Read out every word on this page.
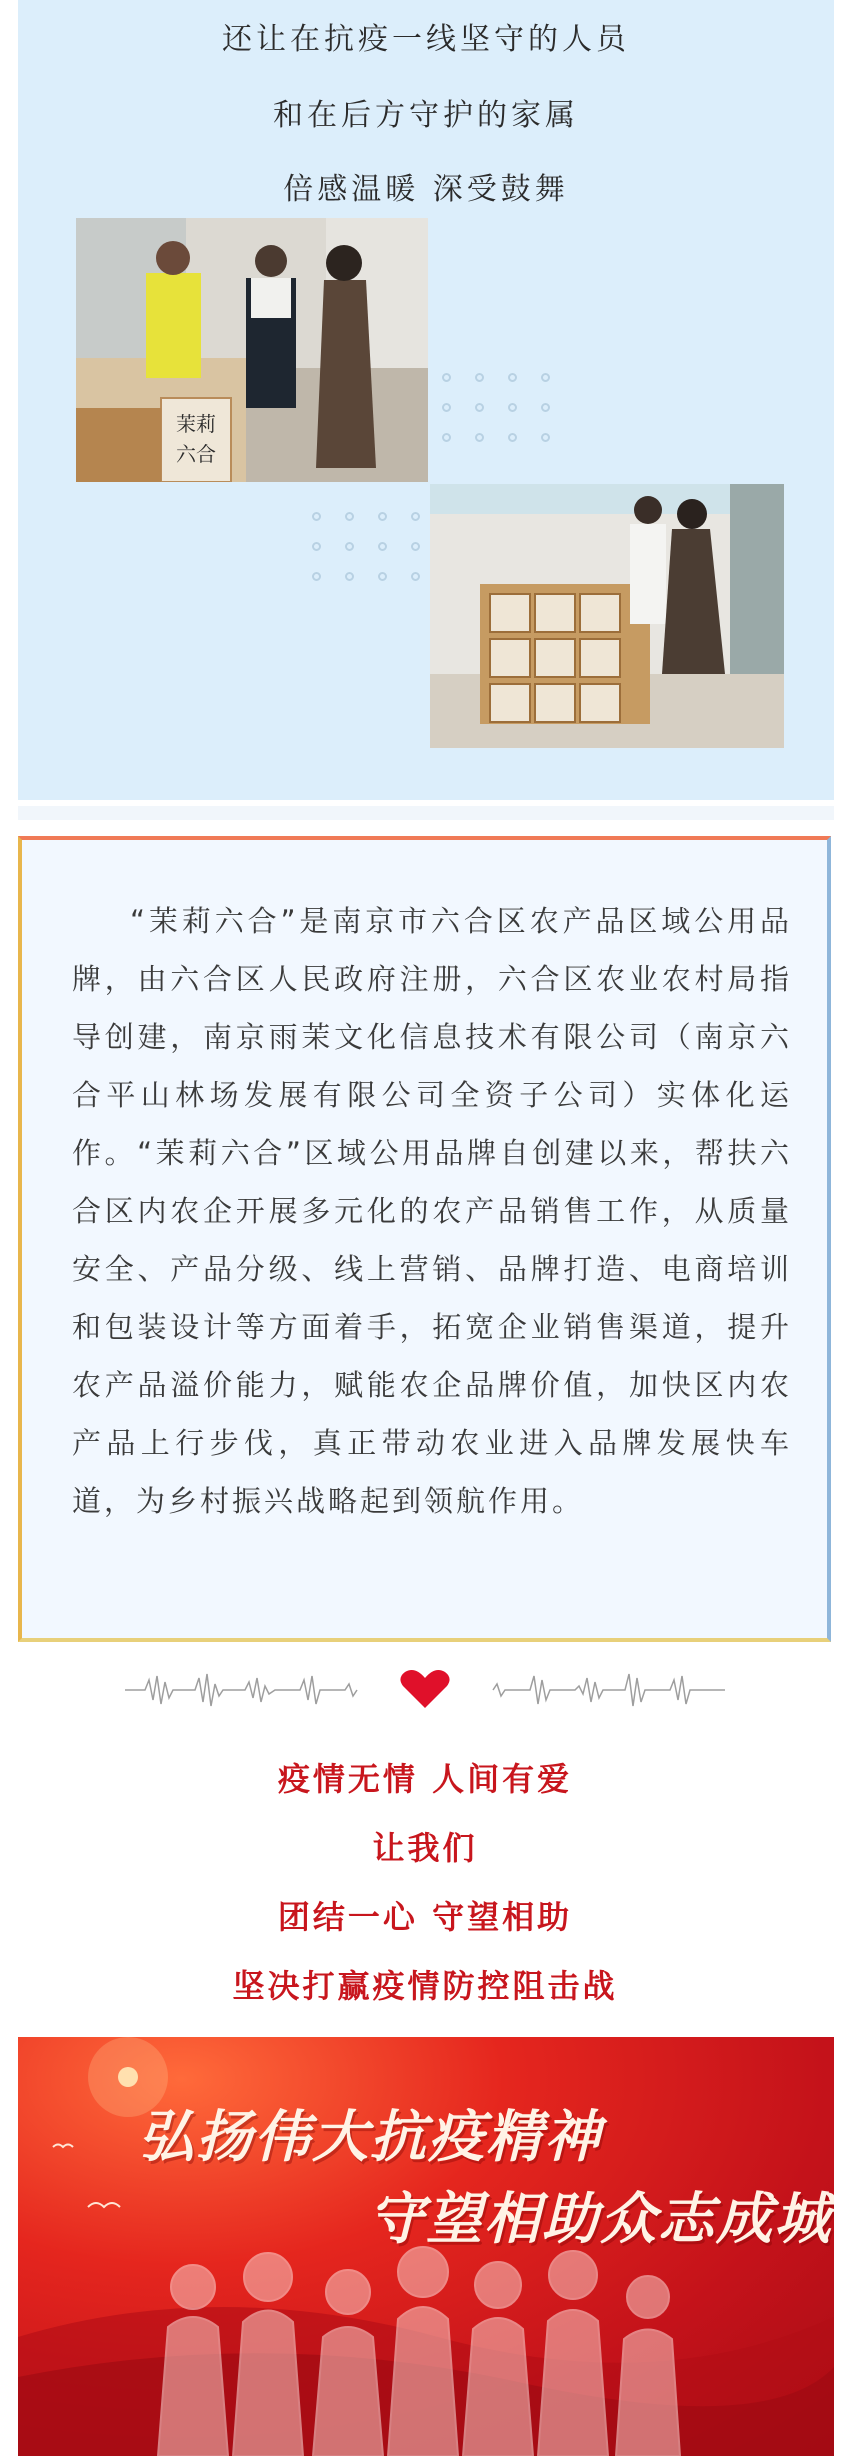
还让在抗疫一线坚守的人员
和在后方守护的家属
倍感温暖 深受鼓舞
茉莉
六合

“茉莉六合”是南京市六合区农产品区域公用品牌，由六合区人民政府注册，六合区农业农村局指导创建，南京雨茉文化信息技术有限公司（南京六合平山林场发展有限公司全资子公司）实体化运作。“茉莉六合”区域公用品牌自创建以来，帮扶六合区内农企开展多元化的农产品销售工作，从质量安全、产品分级、线上营销、品牌打造、电商培训和包装设计等方面着手，拓宽企业销售渠道，提升农产品溢价能力，赋能农企品牌价值，加快区内农产品上行步伐，真正带动农业进入品牌发展快车道，为乡村振兴战略起到领航作用。

疫情无情 人间有爱
让我们
团结一心 守望相助
坚决打赢疫情防控阻击战
弘扬伟大抗疫精神
守望相助众志成城
